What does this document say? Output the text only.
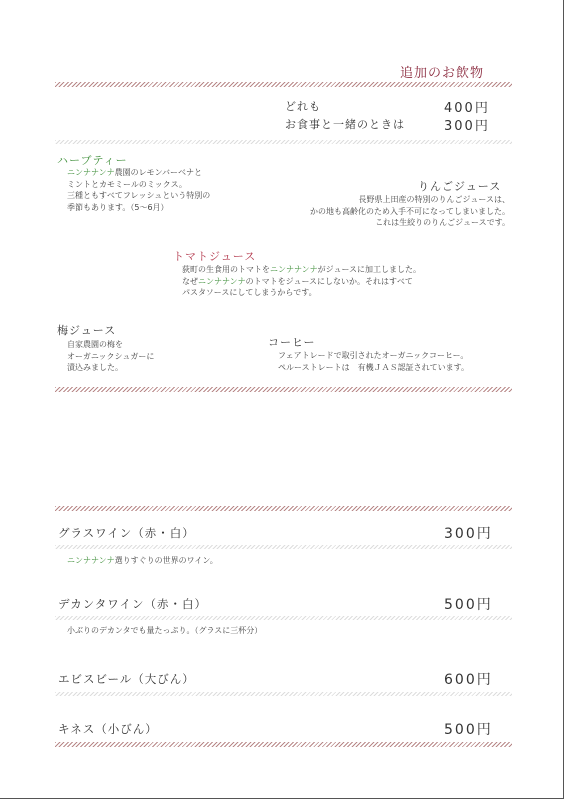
追加のお飲物
どれも	400円
お食事と一緒のときは	300円
ハーブティー
ニンナナンナ農園のレモンバーベナと
ミントとカモミールのミックス。
三種ともすべてフレッシュという特別の
季節もあります。（5～6月）
りんごジュース
長野県上田産の特別のりんごジュースは、
かの地も高齢化のため入手不可になってしまいました。
これは生絞りのりんごジュースです。
トマトジュース
荻町の生食用のトマトをニンナナンナがジュースに加工しました。
なぜニンナナンナのトマトをジュースにしないか。それはすべて
パスタソースにしてしまうからです。
梅ジュース
自家農園の梅を
オーガニックシュガーに
漬込みました。
コーヒー
フェアトレードで取引されたオーガニックコーヒー。
ペルーストレートは　有機ＪＡＳ認証されています。
グラスワイン（赤・白）	300円
ニンナナンナ選りすぐりの世界のワイン。
デカンタワイン（赤・白）	500円
小ぶりのデカンタでも量たっぷり。（グラスに三杯分）
エビスビール（大びん）	600円
キネス（小びん）	500円
